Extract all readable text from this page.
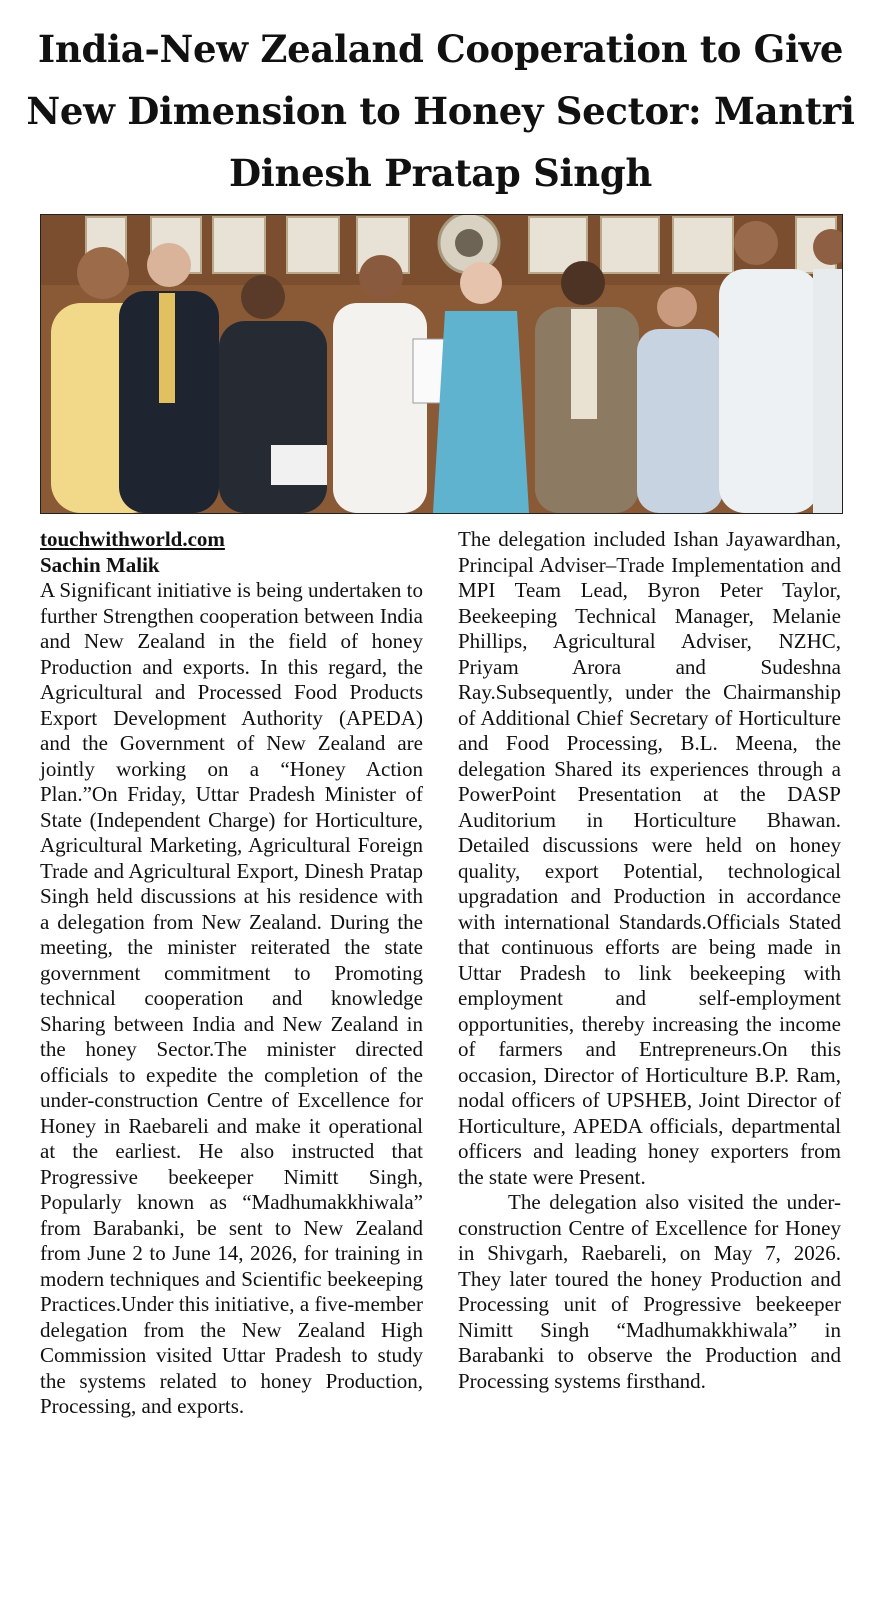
India-New Zealand Cooperation to Give New Dimension to Honey Sector: Mantri Dinesh Pratap Singh
touchwithworld.com
Sachin Malik

A Significant initiative is being undertaken to further Strengthen cooperation between India and New Zealand in the field of honey Production and exports. In this regard, the Agricultural and Processed Food Products Export Development Authority (APEDA) and the Government of New Zealand are jointly working on a “Honey Action Plan.”On Friday, Uttar Pradesh Minister of State (Independent Charge) for Horticulture, Agricultural Marketing, Agricultural Foreign Trade and Agricultural Export, Dinesh Pratap Singh held discussions at his residence with a delegation from New Zealand. During the meeting, the minister reiterated the state government commitment to Promoting technical cooperation and knowledge Sharing between India and New Zealand in the honey Sector.The minister directed officials to expedite the completion of the under-construction Centre of Excellence for Honey in Raebareli and make it operational at the earliest. He also instructed that Progressive beekeeper Nimitt Singh, Popularly known as “Madhumakkhiwala” from Barabanki, be sent to New Zealand from June 2 to June 14, 2026, for training in modern techniques and Scientific beekeeping Practices.Under this initiative, a five-member delegation from the New Zealand High Commission visited Uttar Pradesh to study the systems related to honey Production, Processing, and exports.

The delegation included Ishan Jayawardhan, Principal Adviser–Trade Implementation and MPI Team Lead, Byron Peter Taylor, Beekeeping Technical Manager, Melanie Phillips, Agricultural Adviser, NZHC, Priyam Arora and Sudeshna Ray.Subsequently, under the Chairmanship of Additional Chief Secretary of Horticulture and Food Processing, B.L. Meena, the delegation Shared its experiences through a PowerPoint Presentation at the DASP Auditorium in Horticulture Bhawan. Detailed discussions were held on honey quality, export Potential, technological upgradation and Production in accordance with international Standards.Officials Stated that continuous efforts are being made in Uttar Pradesh to link beekeeping with employment and self-employment opportunities, thereby increasing the income of farmers and Entrepreneurs.On this occasion, Director of Horticulture B.P. Ram, nodal officers of UPSHEB, Joint Director of Horticulture, APEDA officials, departmental officers and leading honey exporters from the state were Present.

The delegation also visited the under-construction Centre of Excellence for Honey in Shivgarh, Raebareli, on May 7, 2026. They later toured the honey Production and Processing unit of Progressive beekeeper Nimitt Singh “Madhumakkhiwala” in Barabanki to observe the Production and Processing systems firsthand.
